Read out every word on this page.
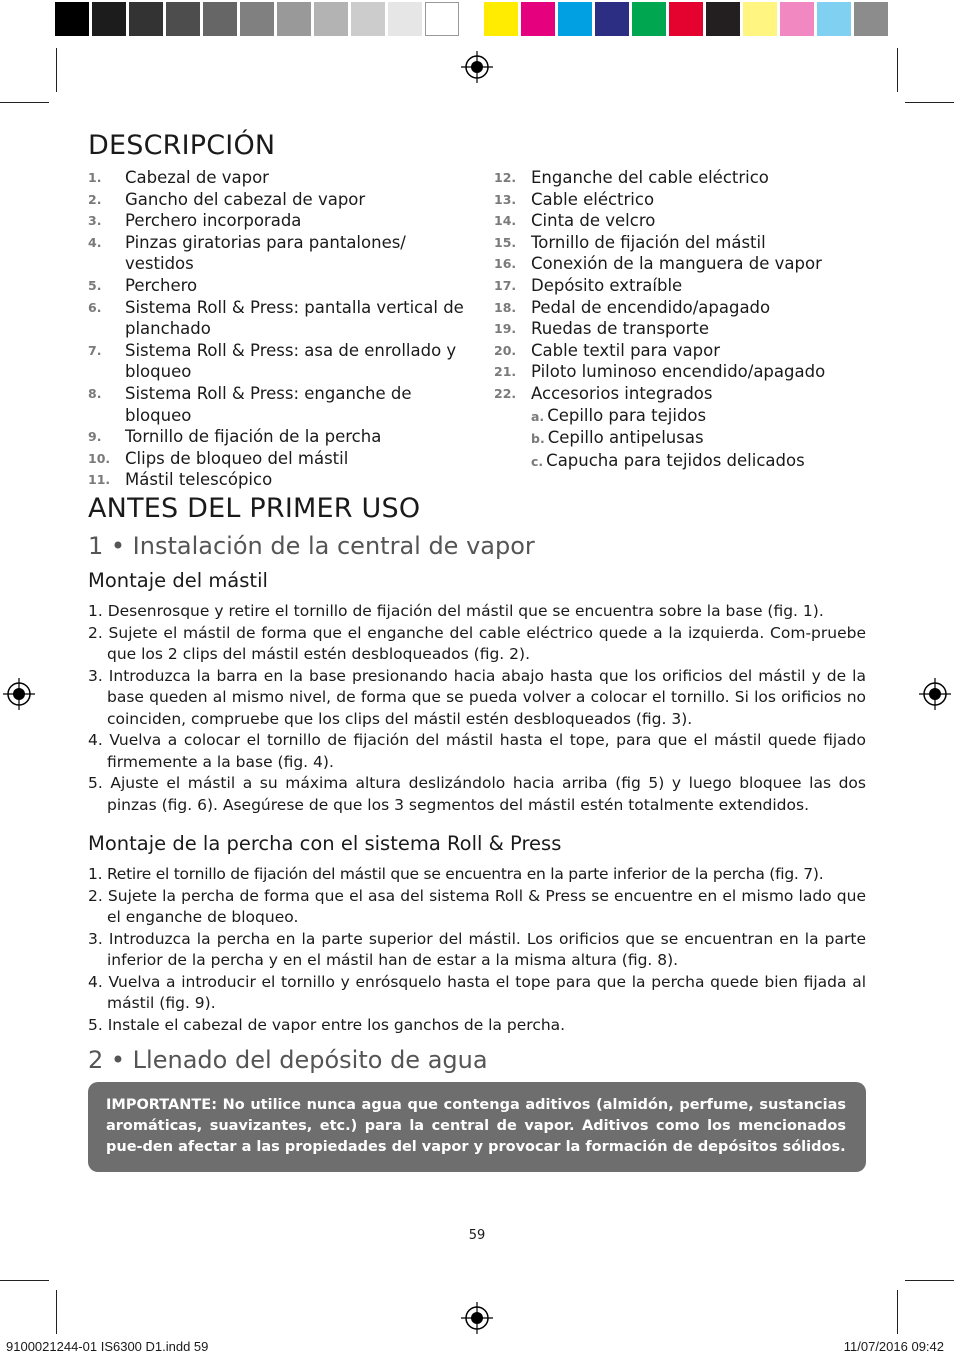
DESCRIPCIÓN
1. Cabezal de vapor
2. Gancho del cabezal de vapor
3. Perchero incorporada
4. Pinzas giratorias para pantalones/ vestidos
5. Perchero
6. Sistema Roll & Press: pantalla vertical de planchado
7. Sistema Roll & Press: asa de enrollado y bloqueo
8. Sistema Roll & Press: enganche de bloqueo
9. Tornillo de fijación de la percha
10. Clips de bloqueo del mástil
11. Mástil telescópico
12. Enganche del cable eléctrico
13. Cable eléctrico
14. Cinta de velcro
15. Tornillo de fijación del mástil
16. Conexión de la manguera de vapor
17. Depósito extraíble
18. Pedal de encendido/apagado
19. Ruedas de transporte
20. Cable textil para vapor
21. Piloto luminoso encendido/apagado
22. Accesorios integrados
a. Cepillo para tejidos
b. Cepillo antipelusas
c. Capucha para tejidos delicados
ANTES DEL PRIMER USO
1 • Instalación de la central de vapor
Montaje del mástil

1. Desenrosque y retire el tornillo de fijación del mástil que se encuentra sobre la base (fig. 1).

2. Sujete el mástil de forma que el enganche del cable eléctrico quede a la izquierda. Com-pruebe que los 2 clips del mástil estén desbloqueados (fig. 2).

3. Introduzca la barra en la base presionando hacia abajo hasta que los orificios del mástil y de la base queden al mismo nivel, de forma que se pueda volver a colocar el tornillo. Si los orificios no coinciden, compruebe que los clips del mástil estén desbloqueados (fig. 3).

4. Vuelva a colocar el tornillo de fijación del mástil hasta el tope, para que el mástil quede fijado firmemente a la base (fig. 4).

5. Ajuste el mástil a su máxima altura deslizándolo hacia arriba (fig 5) y luego bloquee las dos pinzas (fig. 6). Asegúrese de que los 3 segmentos del mástil estén totalmente extendidos.

Montaje de la percha con el sistema Roll & Press

1. Retire el tornillo de fijación del mástil que se encuentra en la parte inferior de la percha (fig. 7).

2. Sujete la percha de forma que el asa del sistema Roll & Press se encuentre en el mismo lado que el enganche de bloqueo.

3. Introduzca la percha en la parte superior del mástil. Los orificios que se encuentran en la parte inferior de la percha y en el mástil han de estar a la misma altura (fig. 8).

4. Vuelva a introducir el tornillo y enrósquelo hasta el tope para que la percha quede bien fijada al mástil (fig. 9).

5. Instale el cabezal de vapor entre los ganchos de la percha.

2 • Llenado del depósito de agua
IMPORTANTE: No utilice nunca agua que contenga aditivos (almidón, perfume, sustancias aromáticas, suavizantes, etc.) para la central de vapor. Aditivos como los mencionados pue-den afectar a las propiedades del vapor y provocar la formación de depósitos sólidos.
59
9100021244-01 IS6300 D1.indd 59	11/07/2016 09:42
